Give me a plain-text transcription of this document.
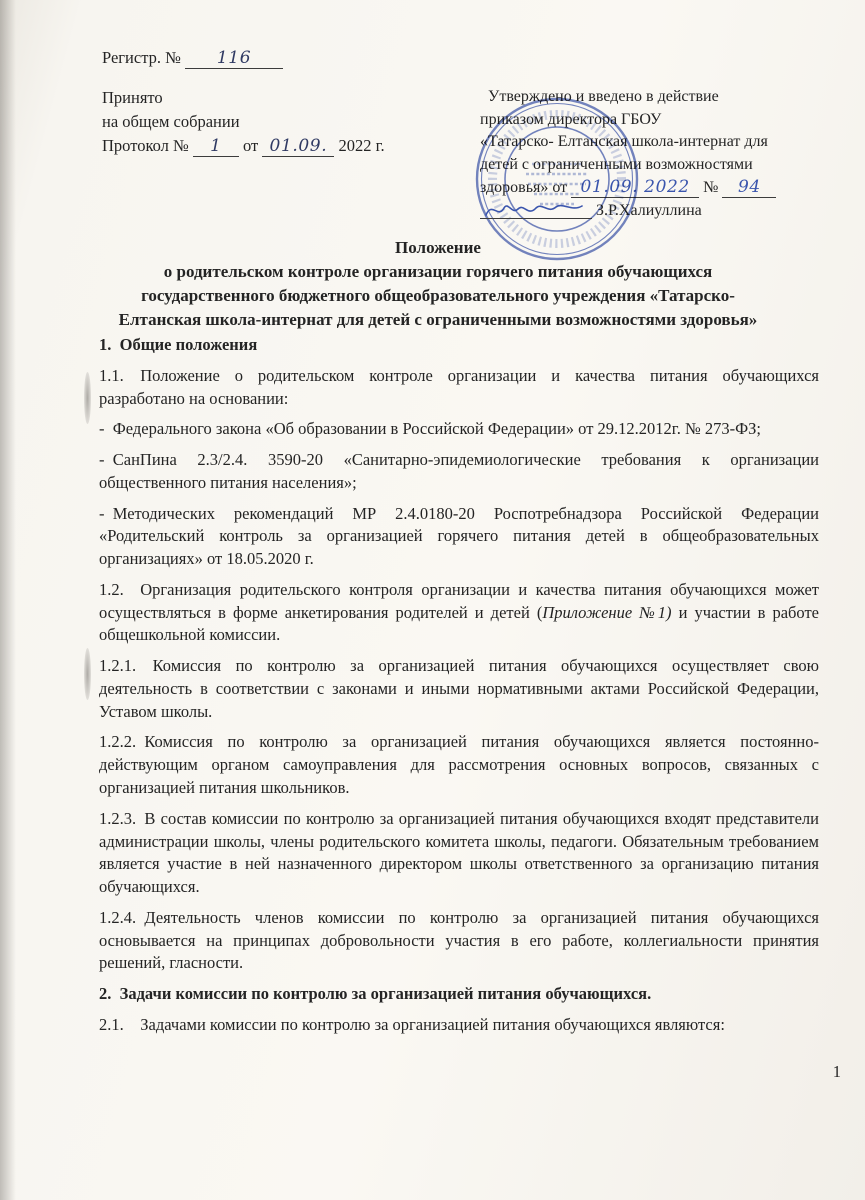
Регистр. № 116
Принято
на общем собрании
Протокол № 1 от 01.09. 2022 г.
Утверждено и введено в действие
приказом директора ГБОУ
«Татарско- Елтанская школа-интернат для
детей с ограниченными возможностями
здоровья» от 01.09. 2022 № 94
З.Р.Халиуллина
Положение
о родительском контроле организации горячего питания обучающихся
государственного бюджетного общеобразовательного учреждения «Татарско-
Елтанская школа-интернат для детей с ограниченными возможностями здоровья»
1. Общие положения
1.1. Положение о родительском контроле организации и качества питания обучающихся разработано на основании:
- Федерального закона «Об образовании в Российской Федерации» от 29.12.2012г. № 273-ФЗ;
- СанПина 2.3/2.4. 3590-20 «Санитарно-эпидемиологические требования к организации общественного питания населения»;
- Методических рекомендаций МР 2.4.0180-20 Роспотребнадзора Российской Федерации «Родительский контроль за организацией горячего питания детей в общеобразовательных организациях» от 18.05.2020 г.
1.2. Организация родительского контроля организации и качества питания обучающихся может осуществляться в форме анкетирования родителей и детей (Приложение №1) и участии в работе общешкольной комиссии.
1.2.1. Комиссия по контролю за организацией питания обучающихся осуществляет свою деятельность в соответствии с законами и иными нормативными актами Российской Федерации, Уставом школы.
1.2.2. Комиссия по контролю за организацией питания обучающихся является постоянно-действующим органом самоуправления для рассмотрения основных вопросов, связанных с организацией питания школьников.
1.2.3. В состав комиссии по контролю за организацией питания обучающихся входят представители администрации школы, члены родительского комитета школы, педагоги. Обязательным требованием является участие в ней назначенного директором школы ответственного за организацию питания обучающихся.
1.2.4. Деятельность членов комиссии по контролю за организацией питания обучающихся основывается на принципах добровольности участия в его работе, коллегиальности принятия решений, гласности.
2. Задачи комиссии по контролю за организацией питания обучающихся.
2.1. Задачами комиссии по контролю за организацией питания обучающихся являются:
1
